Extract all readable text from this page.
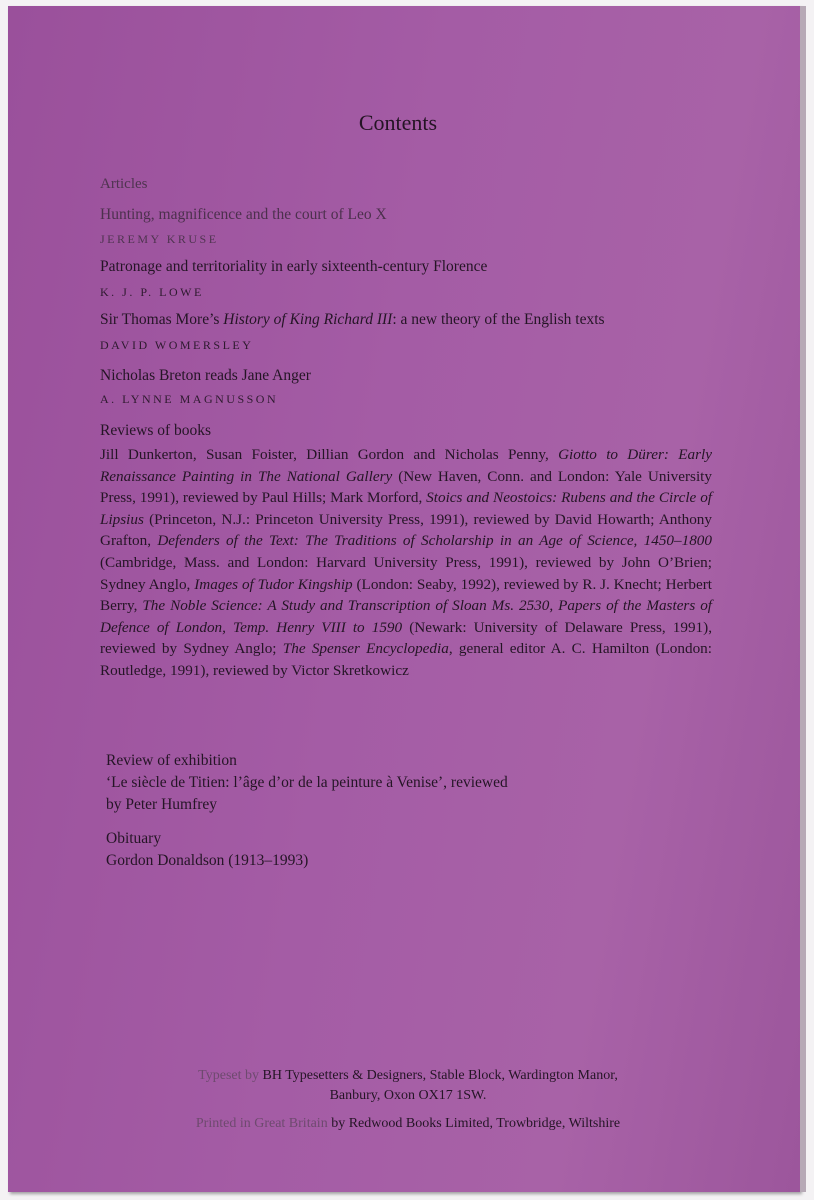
Contents
Articles
Hunting, magnificence and the court of Leo X
JEREMY KRUSE
Patronage and territoriality in early sixteenth-century Florence
K. J. P. LOWE
Sir Thomas More’s History of King Richard III: a new theory of the English texts
DAVID WOMERSLEY
Nicholas Breton reads Jane Anger
A. LYNNE MAGNUSSON
Reviews of books
Jill Dunkerton, Susan Foister, Dillian Gordon and Nicholas Penny, Giotto to Dürer: Early Renaissance Painting in The National Gallery (New Haven, Conn. and London: Yale University Press, 1991), reviewed by Paul Hills; Mark Morford, Stoics and Neostoics: Rubens and the Circle of Lipsius (Princeton, N.J.: Princeton University Press, 1991), reviewed by David Howarth; Anthony Grafton, Defenders of the Text: The Traditions of Scholarship in an Age of Science, 1450–1800 (Cambridge, Mass. and London: Harvard University Press, 1991), reviewed by John O’Brien; Sydney Anglo, Images of Tudor Kingship (London: Seaby, 1992), reviewed by R. J. Knecht; Herbert Berry, The Noble Science: A Study and Transcription of Sloan Ms. 2530, Papers of the Masters of Defence of London, Temp. Henry VIII to 1590 (Newark: University of Delaware Press, 1991), reviewed by Sydney Anglo; The Spenser Encyclopedia, general editor A. C. Hamilton (London: Routledge, 1991), reviewed by Victor Skretkowicz
Review of exhibition
‘Le siècle de Titien: l’âge d’or de la peinture à Venise’, reviewed
by Peter Humfrey
Obituary
Gordon Donaldson (1913–1993)
Typeset by BH Typesetters & Designers, Stable Block, Wardington Manor,
Banbury, Oxon OX17 1SW.
Printed in Great Britain by Redwood Books Limited, Trowbridge, Wiltshire
